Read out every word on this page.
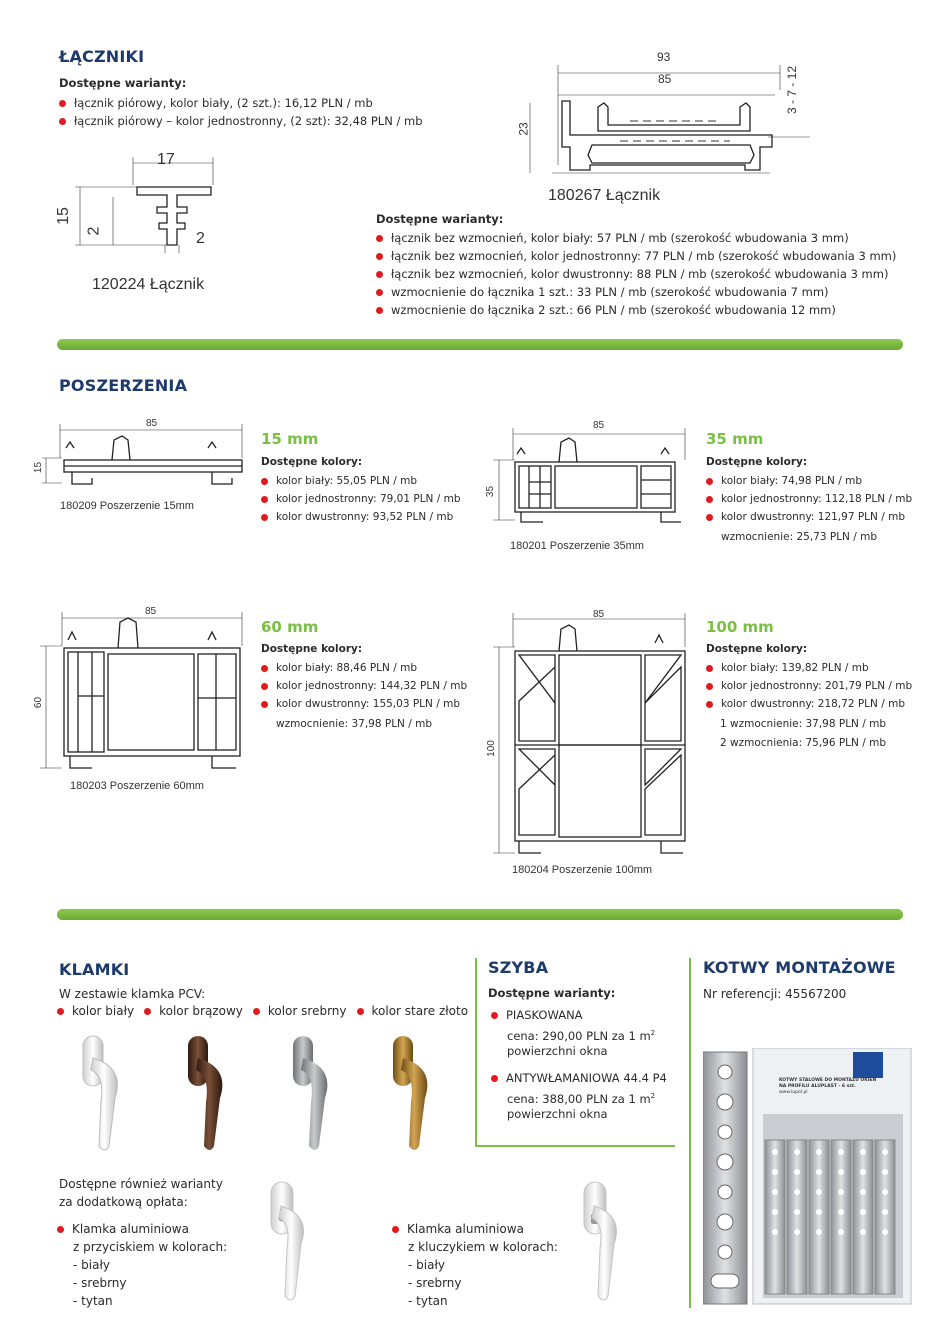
ŁĄCZNIKI
Dostępne warianty:
łącznik piórowy, kolor biały, (2 szt.): 16,12 PLN / mb
łącznik piórowy – kolor jednostronny, (2 szt): 32,48 PLN / mb
17
15
2	2
120224 Łącznik
93
85
23
3 - 7 - 12
180267 Łącznik
Dostępne warianty:
łącznik bez wzmocnień, kolor biały: 57 PLN / mb (szerokość wbudowania 3 mm)
łącznik bez wzmocnień, kolor jednostronny: 77 PLN / mb (szerokość wbudowania 3 mm)
łącznik bez wzmocnień, kolor dwustronny: 88 PLN / mb (szerokość wbudowania 3 mm)
wzmocnienie do łącznika 1 szt.: 33 PLN / mb (szerokość wbudowania 7 mm)
wzmocnienie do łącznika 2 szt.: 66 PLN / mb (szerokość wbudowania 12 mm)
POSZERZENIA
85
15
180209 Poszerzenie 15mm
15 mm
Dostępne kolory:
kolor biały: 55,05 PLN / mb
kolor jednostronny: 79,01 PLN / mb
kolor dwustronny: 93,52 PLN / mb
85
35
180201 Poszerzenie 35mm
35 mm
Dostępne kolory:
kolor biały: 74,98 PLN / mb
kolor jednostronny: 112,18 PLN / mb
kolor dwustronny: 121,97 PLN / mb
wzmocnienie: 25,73 PLN / mb
85
60
180203 Poszerzenie 60mm
60 mm
Dostępne kolory:
kolor biały: 88,46 PLN / mb
kolor jednostronny: 144,32 PLN / mb
kolor dwustronny: 155,03 PLN / mb
wzmocnienie: 37,98 PLN / mb
85
100
180204 Poszerzenie 100mm
100 mm
Dostępne kolory:
kolor biały: 139,82 PLN / mb
kolor jednostronny: 201,79 PLN / mb
kolor dwustronny: 218,72 PLN / mb
1 wzmocnienie: 37,98 PLN / mb
2 wzmocnienia: 75,96 PLN / mb
KLAMKI
W zestawie klamka PCV:
kolor biały	kolor brązowy	kolor srebrny	kolor stare złoto
Dostępne również warianty
za dodatkową opłata:
Klamka aluminiowa
z przyciskiem w kolorach:
- biały
- srebrny
- tytan
Klamka aluminiowa
z kluczykiem w kolorach:
- biały
- srebrny
- tytan
SZYBA
Dostępne warianty:
PIASKOWANA
cena: 290,00 PLN za 1 $m^2$
powierzchni okna
ANTYWŁAMANIOWA 44.4 P4
cena: 388,00 PLN za 1 $m^2$
powierzchni okna
KOTWY MONTAŻOWE
Nr referencji: 45567200
KOTWY STALOWE DO MONTAŻU OKIEN
NA PROFILU ALUPLAST - 6 szt.
www.lupol.pl
